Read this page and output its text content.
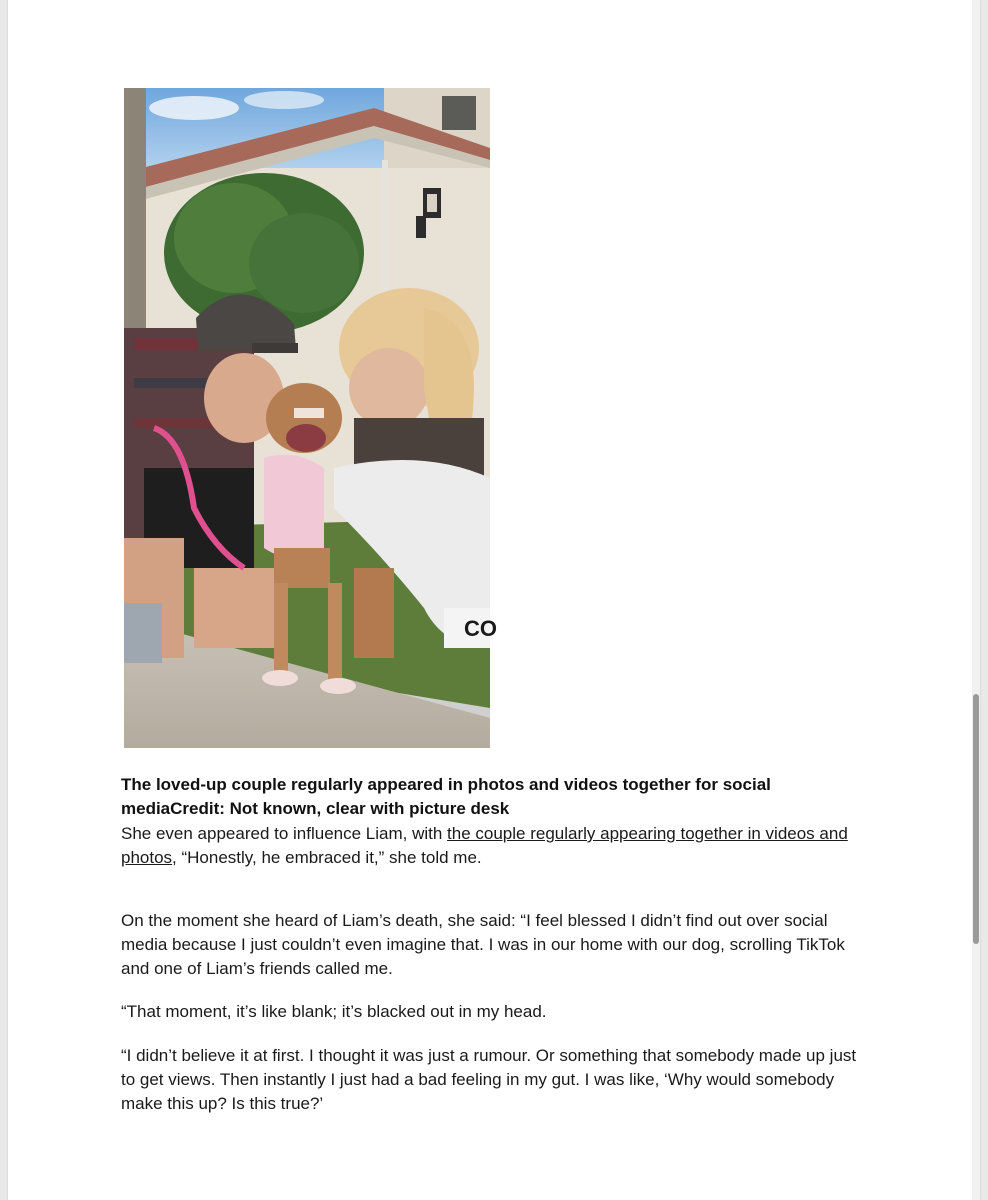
CO
The loved-up couple regularly appeared in photos and videos together for social mediaCredit: Not known, clear with picture desk

She even appeared to influence Liam, with the couple regularly appearing together in videos and photos, “Honestly, he embraced it,” she told me.

On the moment she heard of Liam’s death, she said: “I feel blessed I didn’t find out over social media because I just couldn’t even imagine that. I was in our home with our dog, scrolling TikTok and one of Liam’s friends called me.

“That moment, it’s like blank; it’s blacked out in my head.

“I didn’t believe it at first. I thought it was just a rumour. Or something that somebody made up just to get views. Then instantly I just had a bad feeling in my gut. I was like, ‘Why would somebody make this up? Is this true?’
